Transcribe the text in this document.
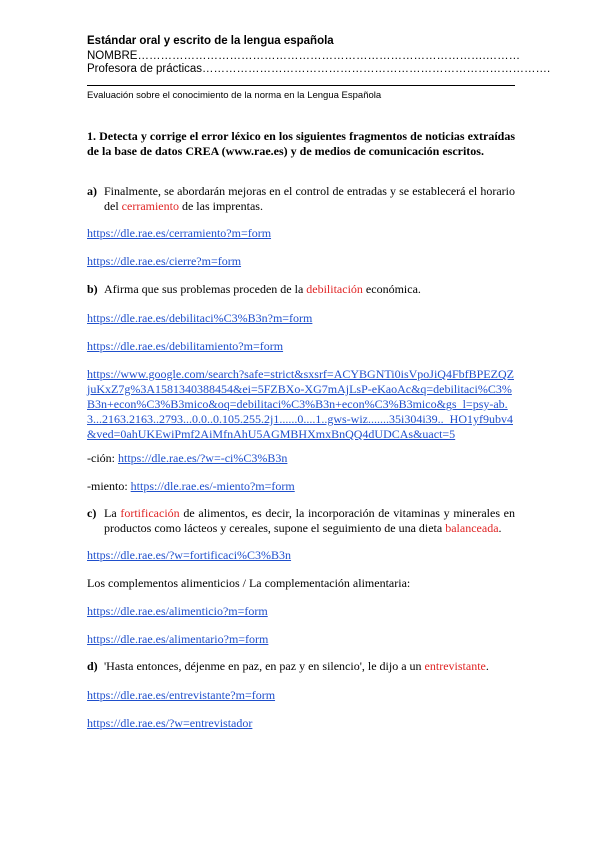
Estándar oral y escrito de la lengua española
NOMBRE……………………………………………………………………………….………
Profesora de prácticas……………………………………………………………………………….
Evaluación sobre el conocimiento de la norma en la Lengua Española
1. Detecta y corrige el error léxico en los siguientes fragmentos de noticias extraídas de la base de datos CREA (www.rae.es) y de medios de comunicación escritos.
a) Finalmente, se abordarán mejoras en el control de entradas y se establecerá el horario del cerramiento de las imprentas.
https://dle.rae.es/cerramiento?m=form
https://dle.rae.es/cierre?m=form
b) Afirma que sus problemas proceden de la debilitación económica.
https://dle.rae.es/debilitaci%C3%B3n?m=form
https://dle.rae.es/debilitamiento?m=form
https://www.google.com/search?safe=strict&sxsrf=ACYBGNTi0isVpoJiQ4FbfBPEZQZjuKxZ7g%3A1581340388454&ei=5FZBXo-XG7mAjLsP-eKaoAc&q=debilitaci%C3%B3n+econ%C3%B3mico&oq=debilitaci%C3%B3n+econ%C3%B3mico&gs_l=psy-ab.3...2163.2163..2793...0.0..0.105.255.2j1......0....1..gws-wiz.......35i304i39.._HO1yf9ubv4&ved=0ahUKEwiPmf2AiMfnAhU5AGMBHXmxBnQQ4dUDCAs&uact=5
-ción: https://dle.rae.es/?w=-ci%C3%B3n
-miento: https://dle.rae.es/-miento?m=form
c) La fortificación de alimentos, es decir, la incorporación de vitaminas y minerales en productos como lácteos y cereales, supone el seguimiento de una dieta balanceada.
https://dle.rae.es/?w=fortificaci%C3%B3n
Los complementos alimenticios / La complementación alimentaria:
https://dle.rae.es/alimenticio?m=form
https://dle.rae.es/alimentario?m=form
d) 'Hasta entonces, déjenme en paz, en paz y en silencio', le dijo a un entrevistante.
https://dle.rae.es/entrevistante?m=form
https://dle.rae.es/?w=entrevistador
